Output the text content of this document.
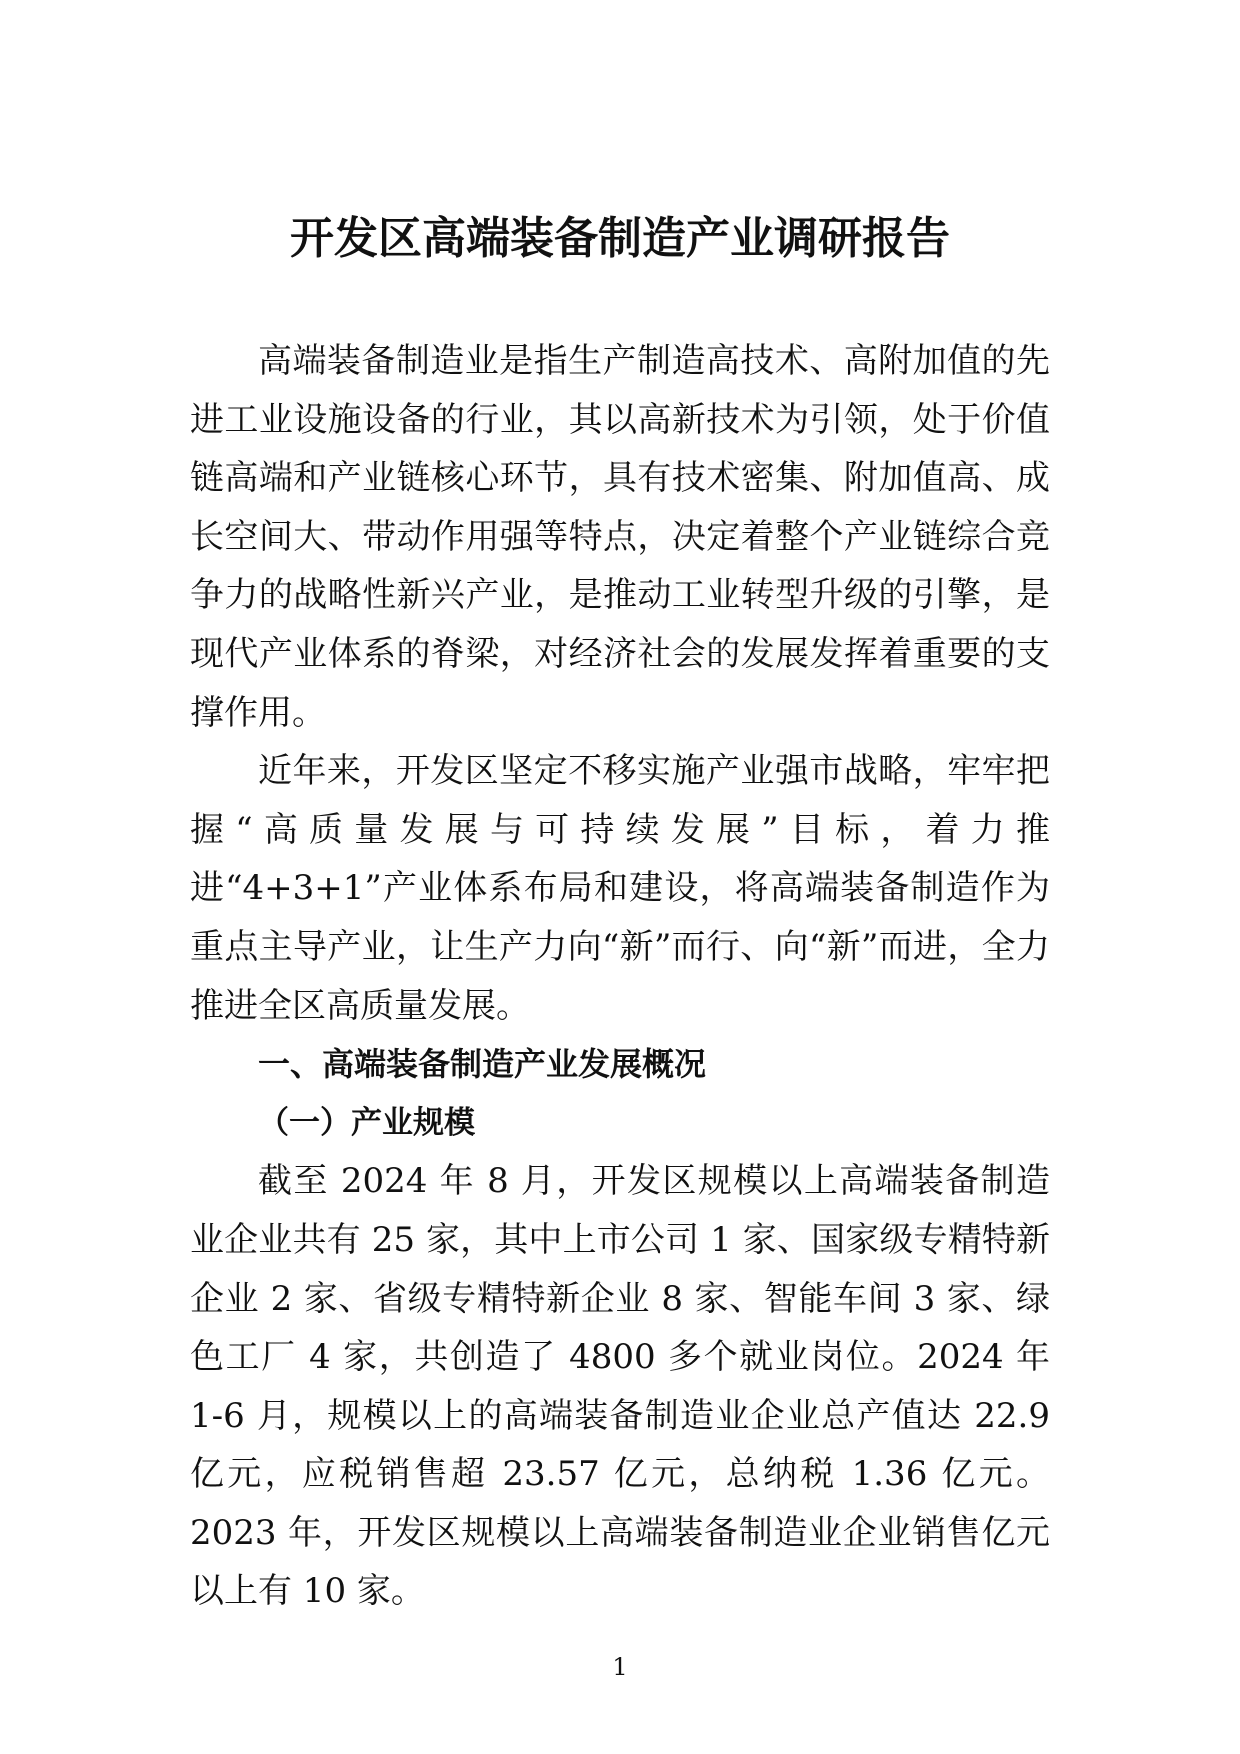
开发区高端装备制造产业调研报告

高端装备制造业是指生产制造高技术、高附加值的先进工业设施设备的行业，其以高新技术为引领，处于价值链高端和产业链核心环节，具有技术密集、附加值高、成长空间大、带动作用强等特点，决定着整个产业链综合竞争力的战略性新兴产业，是推动工业转型升级的引擎，是现代产业体系的脊梁，对经济社会的发展发挥着重要的支撑作用。

近年来，开发区坚定不移实施产业强市战略，牢牢把握“高质量发展与可持续发展”目标，着力推进“4+3+1”产业体系布局和建设，将高端装备制造作为重点主导产业，让生产力向“新”而行、向“新”而进，全力推进全区高质量发展。

一、高端装备制造产业发展概况

（一）产业规模

截至 2024 年 8 月，开发区规模以上高端装备制造业企业共有 25 家，其中上市公司 1 家、国家级专精特新企业 2 家、省级专精特新企业 8 家、智能车间 3 家、绿色工厂 4 家，共创造了 4800 多个就业岗位。2024 年 1-6 月，规模以上的高端装备制造业企业总产值达 22.9 亿元，应税销售超 23.57 亿元，总纳税 1.36 亿元。2023 年，开发区规模以上高端装备制造业企业销售亿元以上有 10 家。

1
